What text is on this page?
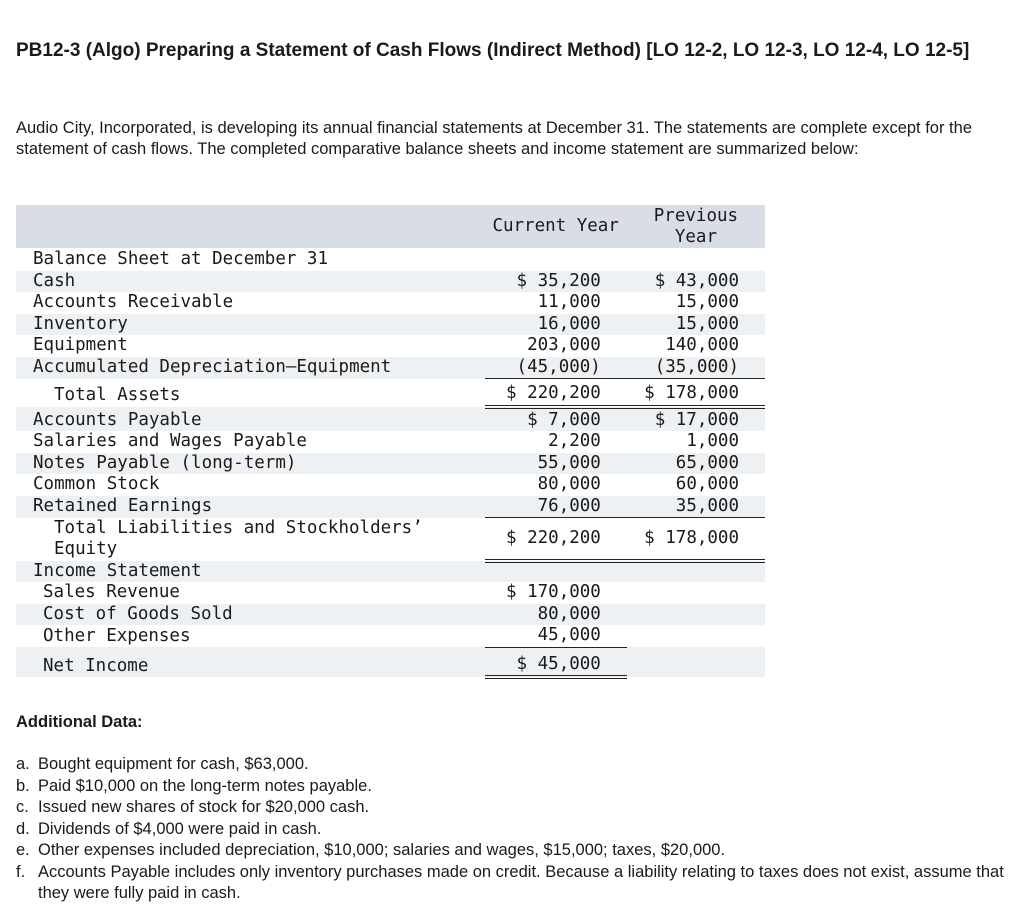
PB12-3 (Algo) Preparing a Statement of Cash Flows (Indirect Method) [LO 12-2, LO 12-3, LO 12-4, LO 12-5]
Audio City, Incorporated, is developing its annual financial statements at December 31. The statements are complete except for the statement of cash flows. The completed comparative balance sheets and income statement are summarized below:
	Current Year	Previous
Year
Balance Sheet at December 31		
Cash	$ 35,200	$ 43,000
Accounts Receivable	11,000	15,000
Inventory	16,000	15,000
Equipment	203,000	140,000
Accumulated Depreciation–Equipment	(45,000)	(35,000)
Total Assets	$ 220,200	$ 178,000
Accounts Payable	$ 7,000	$ 17,000
Salaries and Wages Payable	2,200	1,000
Notes Payable (long-term)	55,000	65,000
Common Stock	80,000	60,000
Retained Earnings	76,000	35,000
Total Liabilities and Stockholders’ Equity	$ 220,200	$ 178,000
Income Statement		
Sales Revenue	$ 170,000	
Cost of Goods Sold	80,000	
Other Expenses	45,000	
Net Income	$ 45,000	
Additional Data:
a. Bought equipment for cash, $63,000.
b. Paid $10,000 on the long-term notes payable.
c. Issued new shares of stock for $20,000 cash.
d. Dividends of $4,000 were paid in cash.
e. Other expenses included depreciation, $10,000; salaries and wages, $15,000; taxes, $20,000.
f. Accounts Payable includes only inventory purchases made on credit. Because a liability relating to taxes does not exist, assume that they were fully paid in cash.
